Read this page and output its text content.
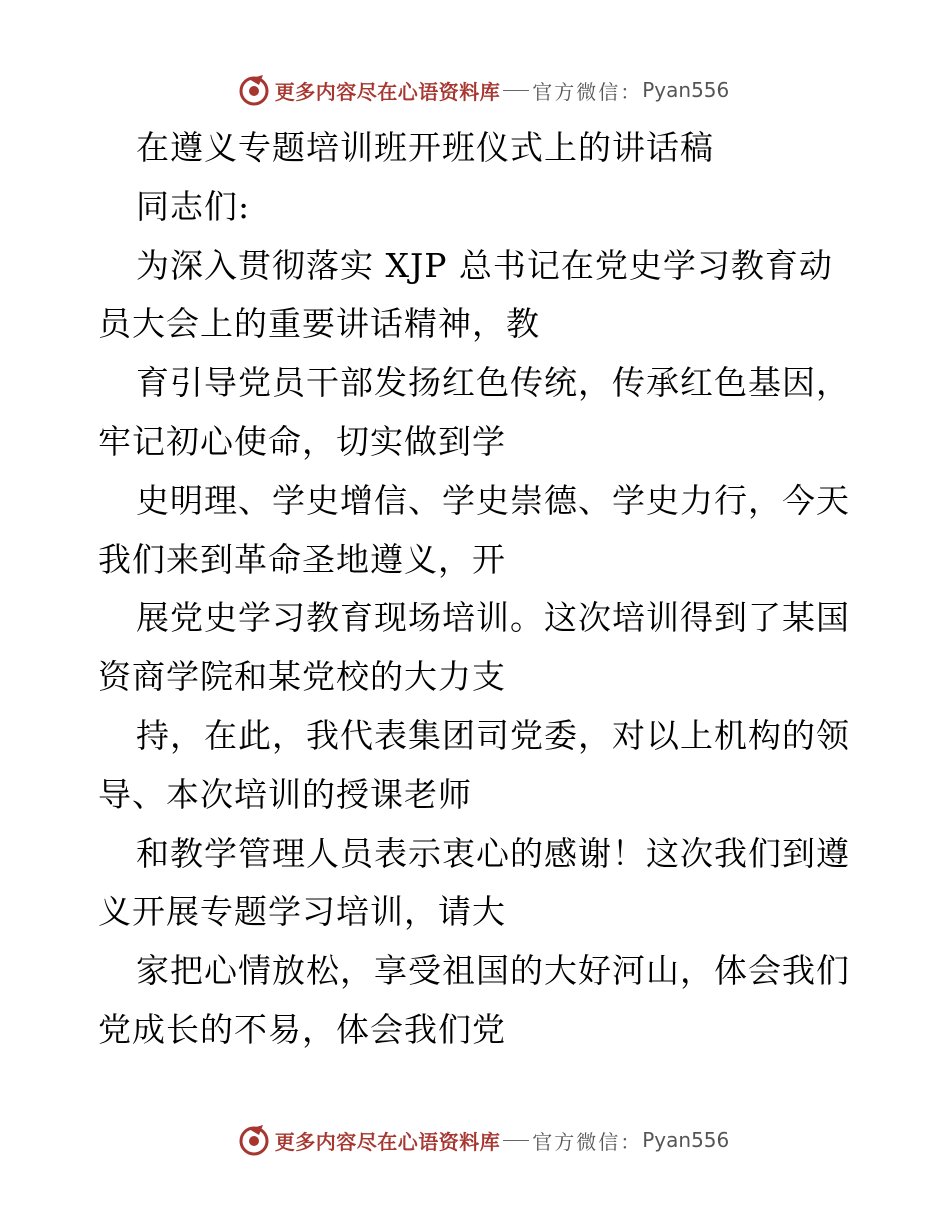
更多内容尽在心语资料库 官方微信： Pyan556
在遵义专题培训班开班仪式上的讲话稿
同志们:
为深入贯彻落实 XJP 总书记在党史学习教育动
员大会上的重要讲话精神，教
育引导党员干部发扬红色传统，传承红色基因，
牢记初心使命，切实做到学
史明理、学史增信、学史崇德、学史力行，今天
我们来到革命圣地遵义，开
展党史学习教育现场培训。这次培训得到了某国
资商学院和某党校的大力支
持，在此，我代表集团司党委，对以上机构的领
导、本次培训的授课老师
和教学管理人员表示衷心的感谢！这次我们到遵
义开展专题学习培训，请大
家把心情放松，享受祖国的大好河山，体会我们
党成长的不易，体会我们党
更多内容尽在心语资料库 官方微信： Pyan556
